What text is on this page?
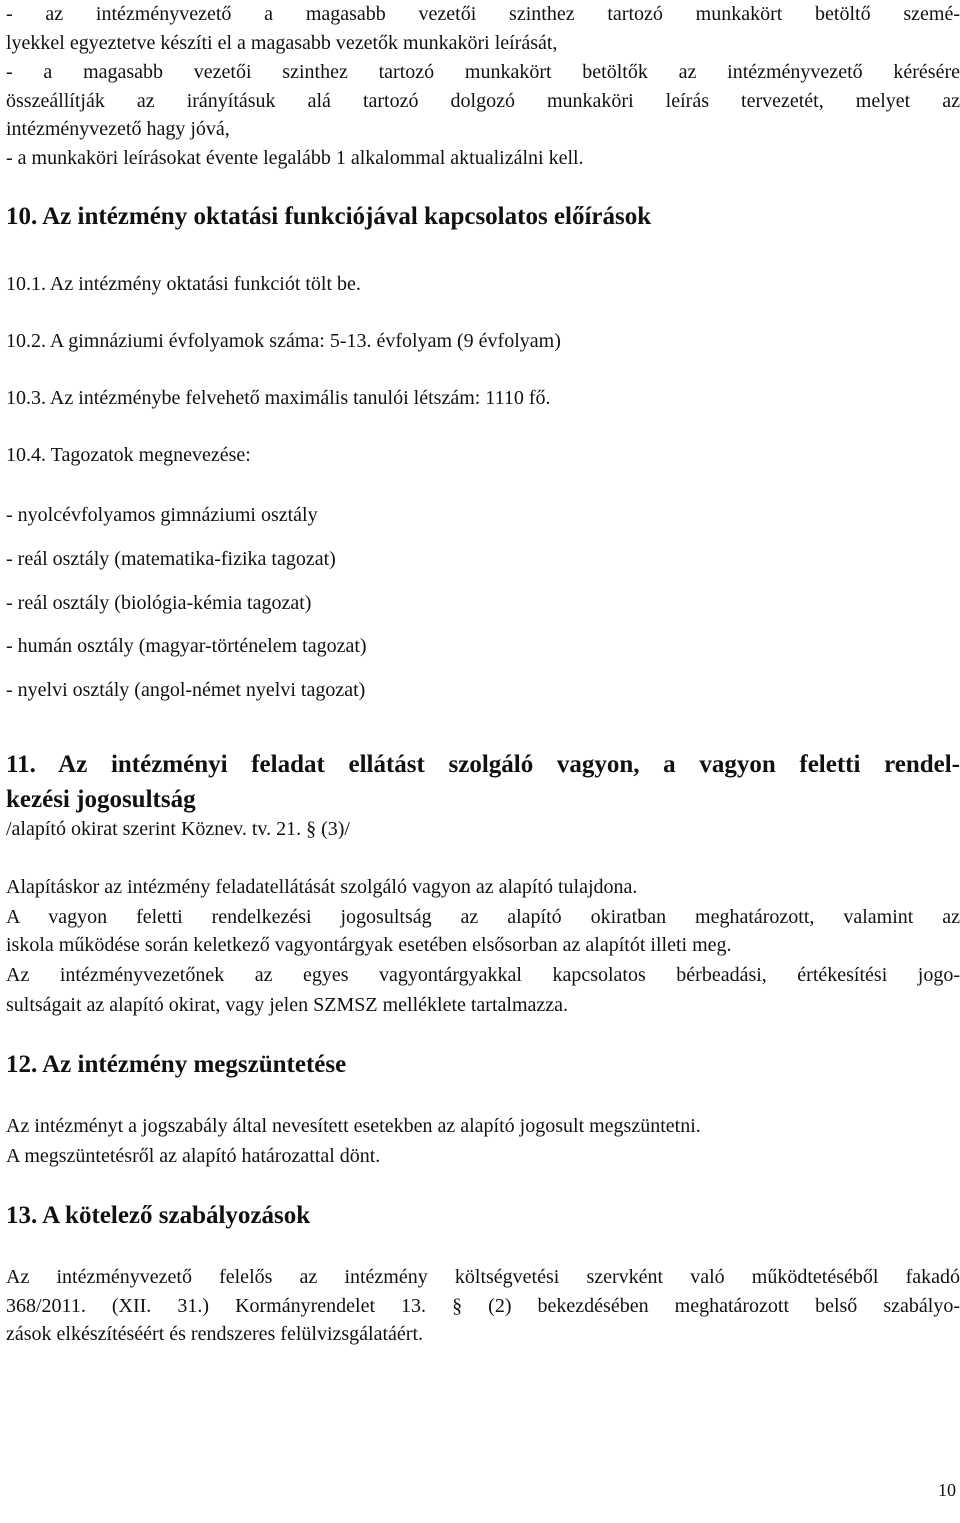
- az intézményvezető a magasabb vezetői szinthez tartozó munkakört betöltő szemé-
lyekkel egyeztetve készíti el a magasabb vezetők munkaköri leírását,
- a magasabb vezetői szinthez tartozó munkakört betöltők az intézményvezető kérésére
összeállítják az irányításuk alá tartozó dolgozó munkaköri leírás tervezetét, melyet az
intézményvezető hagy jóvá,
- a munkaköri leírásokat évente legalább 1 alkalommal aktualizálni kell.
10. Az intézmény oktatási funkciójával kapcsolatos előírások
10.1. Az intézmény oktatási funkciót tölt be.
10.2. A gimnáziumi évfolyamok száma: 5-13. évfolyam (9 évfolyam)
10.3. Az intézménybe felvehető maximális tanulói létszám: 1110 fő.
10.4. Tagozatok megnevezése:
- nyolcévfolyamos gimnáziumi osztály
- reál osztály (matematika-fizika tagozat)
- reál osztály (biológia-kémia tagozat)
- humán osztály (magyar-történelem tagozat)
- nyelvi osztály (angol-német nyelvi tagozat)
11. Az intézményi feladat ellátást szolgáló vagyon, a vagyon feletti rendel-
kezési jogosultság
/alapító okirat szerint Köznev. tv. 21. § (3)/
Alapításkor az intézmény feladatellátását szolgáló vagyon az alapító tulajdona.
A vagyon feletti rendelkezési jogosultság az alapító okiratban meghatározott, valamint az
iskola működése során keletkező vagyontárgyak esetében elsősorban az alapítót illeti meg.
Az intézményvezetőnek az egyes vagyontárgyakkal kapcsolatos bérbeadási, értékesítési jogo-
sultságait az alapító okirat, vagy jelen SZMSZ melléklete tartalmazza.
12. Az intézmény megszüntetése
Az intézményt a jogszabály által nevesített esetekben az alapító jogosult megszüntetni.
A megszüntetésről az alapító határozattal dönt.
13. A kötelező szabályozások
Az intézményvezető felelős az intézmény költségvetési szervként való működtetéséből fakadó
368/2011. (XII. 31.) Kormányrendelet 13. § (2) bekezdésében meghatározott belső szabályo-
zások elkészítéséért és rendszeres felülvizsgálatáért.
10
